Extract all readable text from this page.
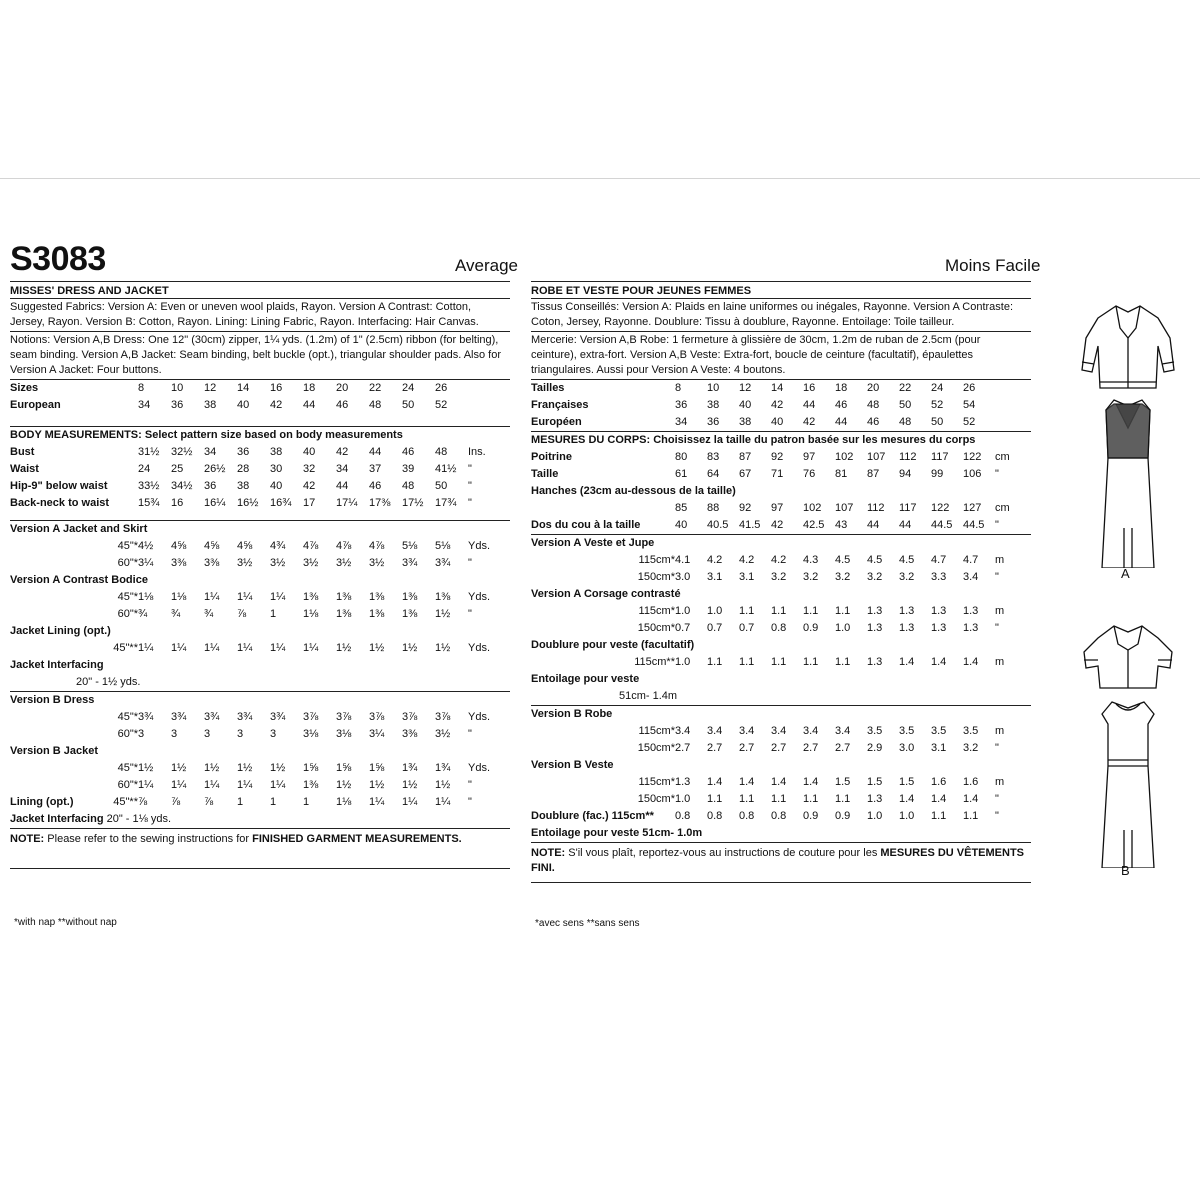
S3083	Average	Moins Facile
MISSES' DRESS AND JACKET
Suggested Fabrics: Version A: Even or uneven wool plaids, Rayon. Version A Contrast: Cotton, Jersey, Rayon. Version B: Cotton, Rayon. Lining: Lining Fabric, Rayon. Interfacing: Hair Canvas.
Notions: Version A,B Dress: One 12" (30cm) zipper, 1¼ yds. (1.2m) of 1" (2.5cm) ribbon (for belting), seam binding. Version A,B Jacket: Seam binding, belt buckle (opt.), triangular shoulder pads. Also for Version A Jacket: Four buttons.
Sizes	8	10	12	14	16	18	20	22	24	26	
European	34	36	38	40	42	44	46	48	50	52	
BODY MEASUREMENTS: Select pattern size based on body measurements
Bust	31½	32½	34	36	38	40	42	44	46	48	Ins.
Waist	24	25	26½	28	30	32	34	37	39	41½	"
Hip-9" below waist	33½	34½	36	38	40	42	44	46	48	50	"
Back-neck to waist	15¾	16	16¼	16½	16¾	17	17¼	17⅜	17½	17¾	"
Version A Jacket and Skirt
45"*	4½	4⅝	4⅝	4⅝	4¾	4⅞	4⅞	4⅞	5⅛	5⅛	Yds.
60"*	3¼	3⅜	3⅜	3½	3½	3½	3½	3½	3¾	3¾	"
Version A Contrast Bodice
45"*	1⅛	1⅛	1¼	1¼	1¼	1⅜	1⅜	1⅜	1⅜	1⅜	Yds.
60"*	¾	¾	¾	⅞	1	1⅛	1⅜	1⅜	1⅜	1½	"
Jacket Lining (opt.)
45"**	1¼	1¼	1¼	1¼	1¼	1¼	1½	1½	1½	1½	Yds.
Jacket Interfacing
20" - 1½ yds.
Version B Dress
45"*	3¾	3¾	3¾	3¾	3¾	3⅞	3⅞	3⅞	3⅞	3⅞	Yds.
60"*	3	3	3	3	3	3⅛	3⅛	3¼	3⅜	3½	"
Version B Jacket
45"*	1½	1½	1½	1½	1½	1⅝	1⅝	1⅝	1¾	1¾	Yds.
60"*	1¼	1¼	1¼	1¼	1¼	1⅜	1½	1½	1½	1½	"
Lining (opt.)	45"**	⅞	⅞	⅞	1	1	1	1⅛	1¼	1¼	1¼	"
Jacket Interfacing 20" - 1⅛ yds.
NOTE: Please refer to the sewing instructions for FINISHED GARMENT MEASUREMENTS.
*with nap **without nap
ROBE ET VESTE POUR JEUNES FEMMES
Tissus Conseillés: Version A: Plaids en laine uniformes ou inégales, Rayonne. Version A Contraste: Coton, Jersey, Rayonne. Doublure: Tissu à doublure, Rayonne. Entoilage: Toile tailleur.
Mercerie: Version A,B Robe: 1 fermeture à glissière de 30cm, 1.2m de ruban de 2.5cm (pour ceinture), extra-fort. Version A,B Veste: Extra-fort, boucle de ceinture (facultatif), épaulettes triangulaires. Aussi pour Version A Veste: 4 boutons.
Tailles	8	10	12	14	16	18	20	22	24	26	
Françaises	36	38	40	42	44	46	48	50	52	54	
Européen	34	36	38	40	42	44	46	48	50	52	
MESURES DU CORPS: Choisissez la taille du patron basée sur les mesures du corps
Poitrine	80	83	87	92	97	102	107	112	117	122	cm
Taille	61	64	67	71	76	81	87	94	99	106	"
Hanches (23cm au-dessous de la taille)											
	85	88	92	97	102	107	112	117	122	127	cm
Dos du cou à la taille	40	40.5	41.5	42	42.5	43	44	44	44.5	44.5	"
Version A Veste et Jupe
115cm*	4.1	4.2	4.2	4.2	4.3	4.5	4.5	4.5	4.7	4.7	m
150cm*	3.0	3.1	3.1	3.2	3.2	3.2	3.2	3.2	3.3	3.4	"
Version A Corsage contrasté
115cm*	1.0	1.0	1.1	1.1	1.1	1.1	1.3	1.3	1.3	1.3	m
150cm*	0.7	0.7	0.7	0.8	0.9	1.0	1.3	1.3	1.3	1.3	"
Doublure pour veste (facultatif)
115cm**	1.0	1.1	1.1	1.1	1.1	1.1	1.3	1.4	1.4	1.4	m
Entoilage pour veste
51cm- 1.4m
Version B Robe
115cm*	3.4	3.4	3.4	3.4	3.4	3.4	3.5	3.5	3.5	3.5	m
150cm*	2.7	2.7	2.7	2.7	2.7	2.7	2.9	3.0	3.1	3.2	"
Version B Veste
115cm*	1.3	1.4	1.4	1.4	1.4	1.5	1.5	1.5	1.6	1.6	m
150cm*	1.0	1.1	1.1	1.1	1.1	1.1	1.3	1.4	1.4	1.4	"
Doublure (fac.) 115cm**	0.8	0.8	0.8	0.8	0.9	0.9	1.0	1.0	1.1	1.1	"
Entoilage pour veste 51cm- 1.0m
NOTE: S'il vous plaît, reportez-vous au instructions de couture pour les MESURES DU VÊTEMENTS FINI.
*avec sens **sans sens
A
B
